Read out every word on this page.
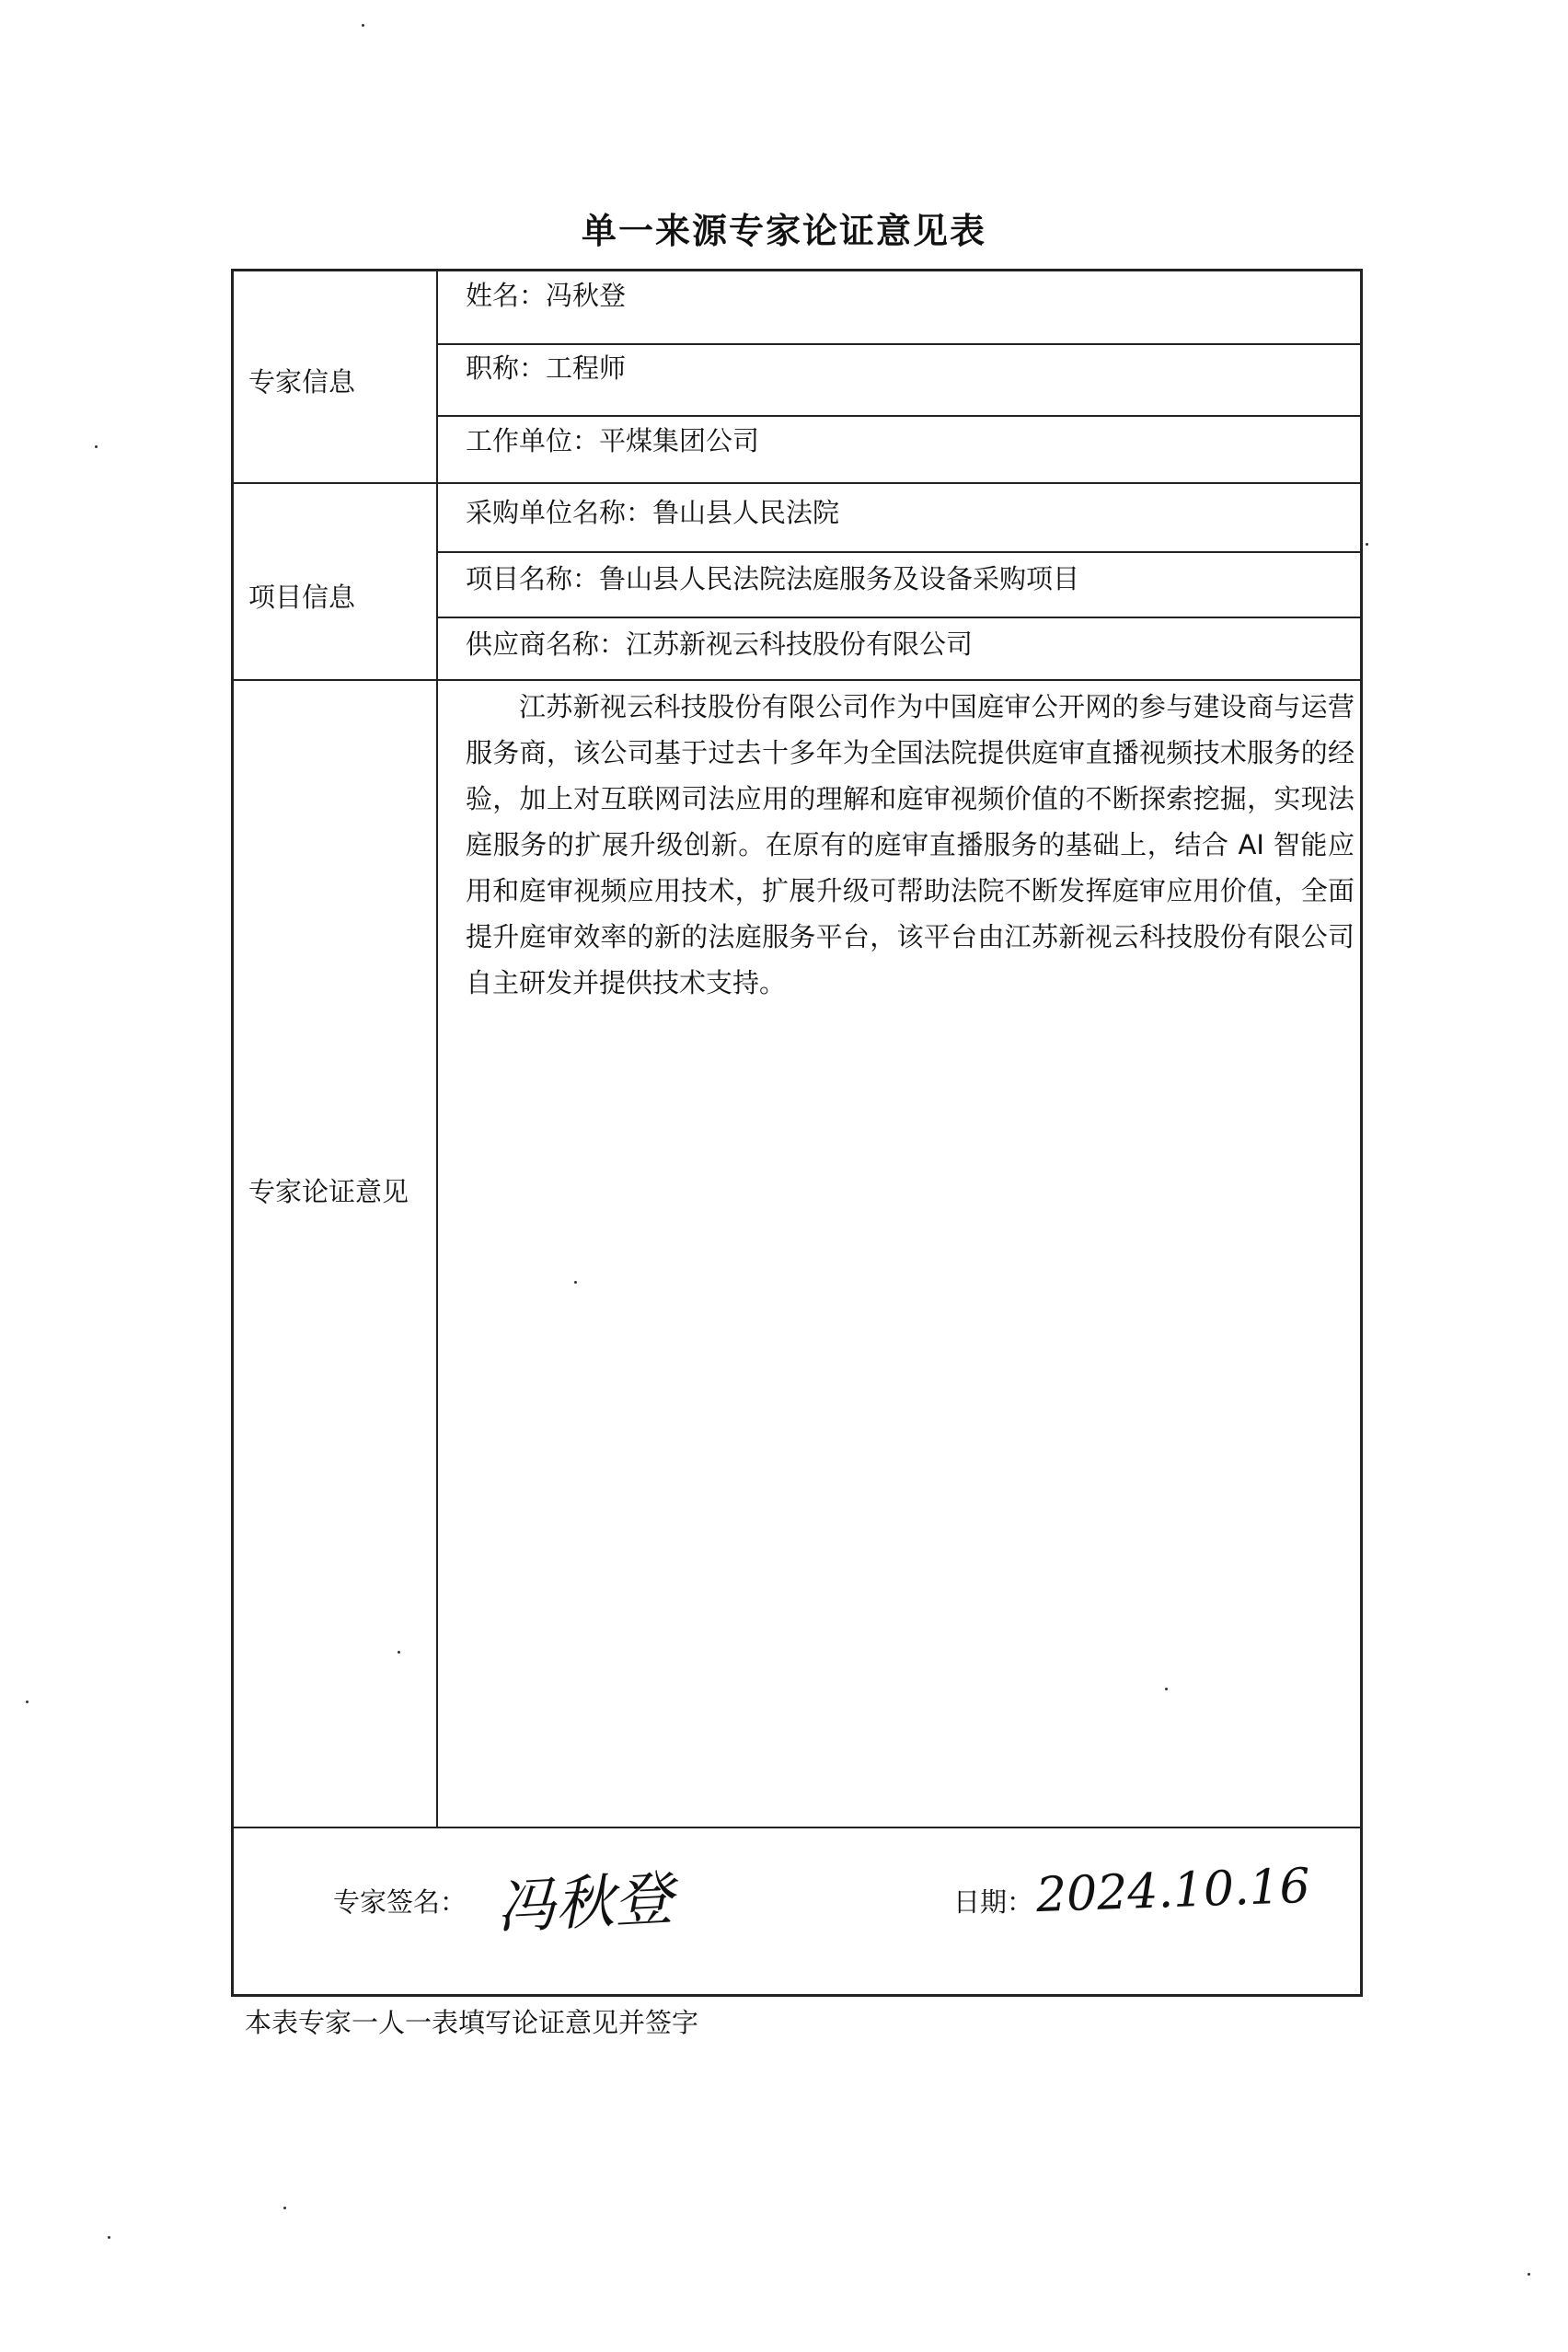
单一来源专家论证意见表
专家信息
姓名：冯秋登
职称：工程师
工作单位：平煤集团公司
项目信息
采购单位名称：鲁山县人民法院
项目名称：鲁山县人民法院法庭服务及设备采购项目
供应商名称：江苏新视云科技股份有限公司
专家论证意见
江苏新视云科技股份有限公司作为中国庭审公开网的参与建设商与运营服务商，该公司基于过去十多年为全国法院提供庭审直播视频技术服务的经验，加上对互联网司法应用的理解和庭审视频价值的不断探索挖掘，实现法庭服务的扩展升级创新。在原有的庭审直播服务的基础上，结合 AI 智能应用和庭审视频应用技术，扩展升级可帮助法院不断发挥庭审应用价值，全面提升庭审效率的新的法庭服务平台，该平台由江苏新视云科技股份有限公司自主研发并提供技术支持。
专家签名： 冯秋登	日期： 2024.10.16
本表专家一人一表填写论证意见并签字
